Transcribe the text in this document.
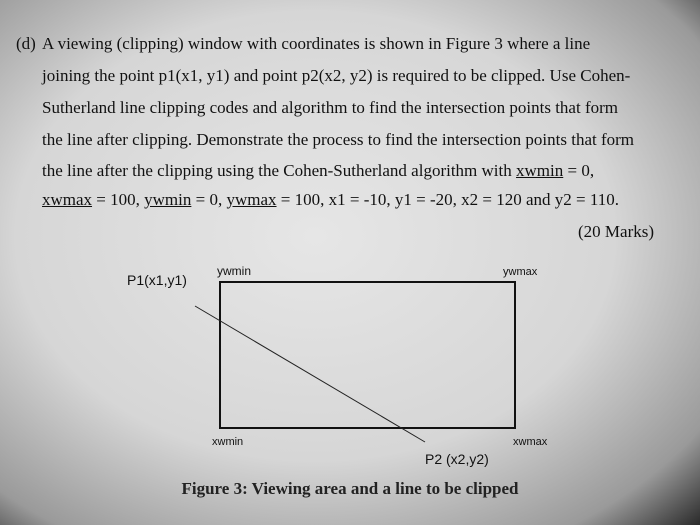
(d) A viewing (clipping) window with coordinates is shown in Figure 3 where a line
joining the point p1(x1, y1) and point p2(x2, y2) is required to be clipped. Use Cohen-
Sutherland line clipping codes and algorithm to find the intersection points that form
the line after clipping. Demonstrate the process to find the intersection points that form
the line after the clipping using the Cohen-Sutherland algorithm with xwmin = 0,
xwmax = 100, ywmin = 0, ywmax = 100, x1 = -10, y1 = -20, x2 = 120 and y2 = 110.
(20 Marks)
P1(x1,y1)
ywmin	ywmax
xwmin	xwmax
P2 (x2,y2)
Figure 3: Viewing area and a line to be clipped
